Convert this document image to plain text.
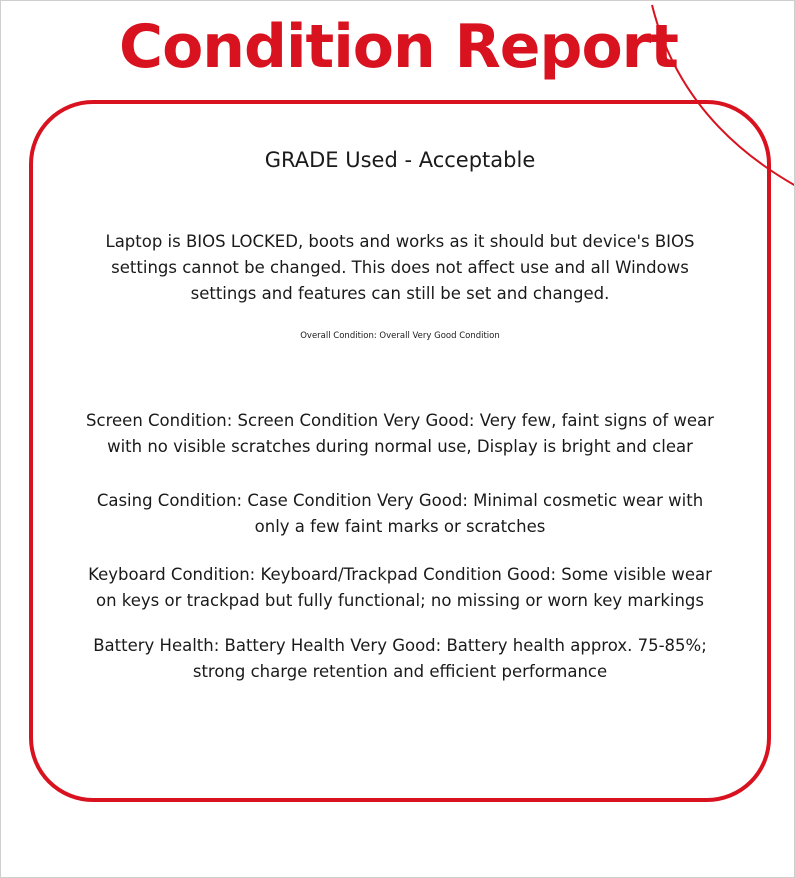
Condition Report
GRADE Used - Acceptable
Laptop is BIOS LOCKED, boots and works as it should but device's BIOS
settings cannot be changed. This does not affect use and all Windows
settings and features can still be set and changed.
Overall Condition: Overall Very Good Condition

Screen Condition: Screen Condition Very Good: Very few, faint signs of wear

with no visible scratches during normal use, Display is bright and clear

Casing Condition: Case Condition Very Good: Minimal cosmetic wear with

only a few faint marks or scratches

Keyboard Condition: Keyboard/Trackpad Condition Good: Some visible wear

on keys or trackpad but fully functional; no missing or worn key markings

Battery Health: Battery Health Very Good: Battery health approx. 75-85%;

strong charge retention and efficient performance
